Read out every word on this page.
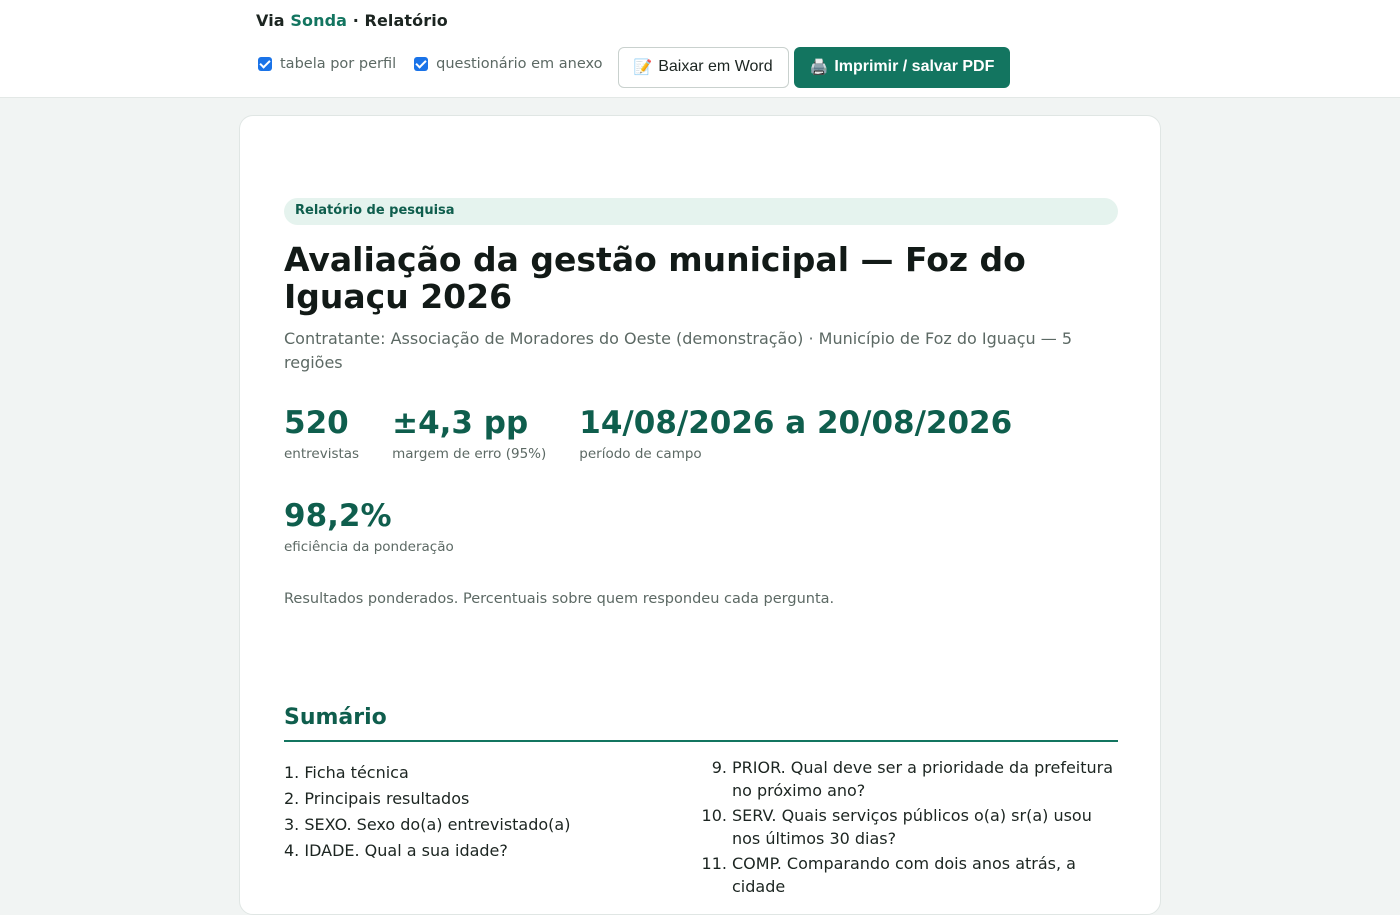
Via Sonda · Relatório
tabela por perfil	questionário em anexo 📝 Baixar em Word 🖨️ Imprimir / salvar PDF
Relatório de pesquisa
Avaliação da gestão municipal — Foz do Iguaçu 2026
Contratante: Associação de Moradores do Oeste (demonstração) · Município de Foz do Iguaçu — 5 regiões
520
entrevistas
±4,3 pp
margem de erro (95%)
14/08/2026 a 20/08/2026
período de campo
98,2%
eficiência da ponderação

Resultados ponderados. Percentuais sobre quem respondeu cada pergunta.

Sumário
1.
Ficha técnica
2.
Principais resultados
3.
SEXO. Sexo do(a) entrevistado(a)
4.
IDADE. Qual a sua idade?
9. PRIOR. Qual deve ser a prioridade da prefeitura no próximo ano?
10. SERV. Quais serviços públicos o(a) sr(a) usou nos últimos 30 dias?
11. COMP. Comparando com dois anos atrás, a cidade
